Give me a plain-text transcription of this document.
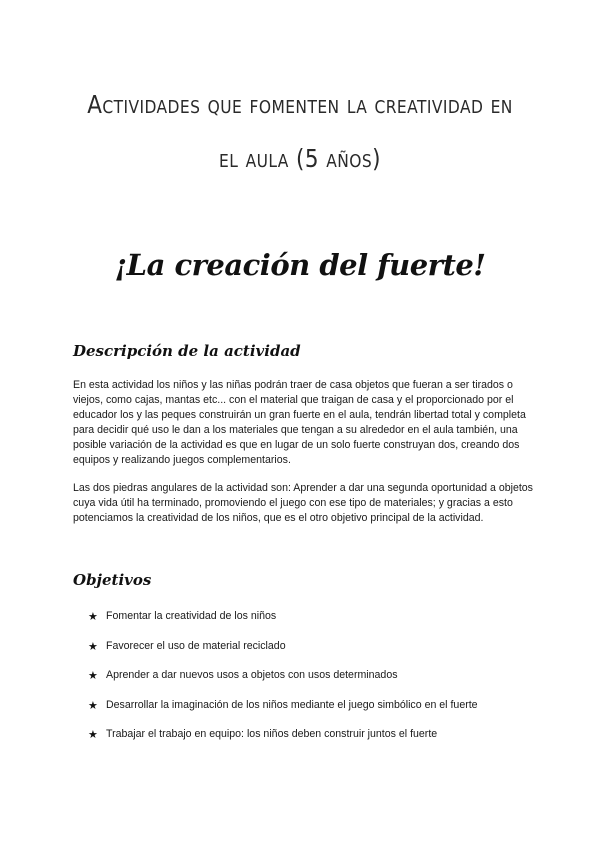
Actividades que fomenten la creatividad en el aula (5 años)
¡La creación del fuerte!
Descripción de la actividad

En esta actividad los niños y las niñas podrán traer de casa objetos que fueran a ser tirados o viejos, como cajas, mantas etc... con el material que traigan de casa y el proporcionado por el educador los y las peques construirán un gran fuerte en el aula, tendrán libertad total y completa para decidir qué uso le dan a los materiales que tengan a su alrededor en el aula también, una posible variación de la actividad es que en lugar de un solo fuerte construyan dos, creando dos equipos y realizando juegos complementarios.

Las dos piedras angulares de la actividad son: Aprender a dar una segunda oportunidad a objetos cuya vida útil ha terminado, promoviendo el juego con ese tipo de materiales; y gracias a esto potenciamos la creatividad de los niños, que es el otro objetivo principal de la actividad.

Objetivos
★ Fomentar la creatividad de los niños
★ Favorecer el uso de material reciclado
★ Aprender a dar nuevos usos a objetos con usos determinados
★ Desarrollar la imaginación de los niños mediante el juego simbólico en el fuerte
★ Trabajar el trabajo en equipo: los niños deben construir juntos el fuerte
